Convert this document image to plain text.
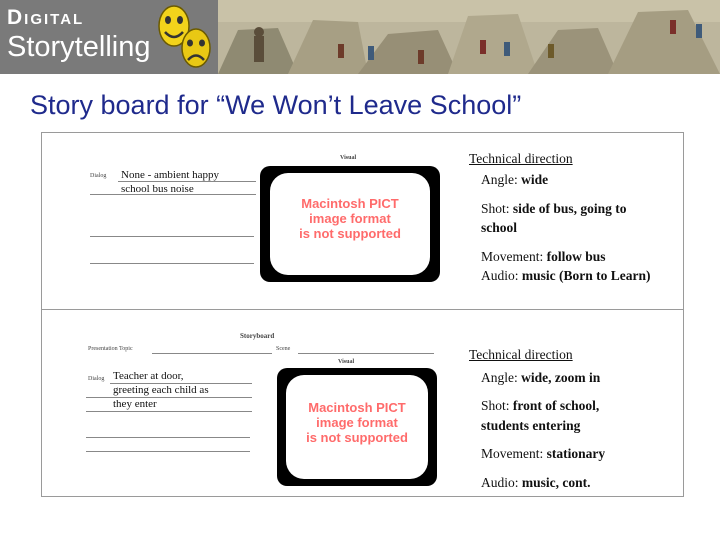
Digital
Storytelling
Story board for “We Won’t Leave School”
Visual
Dialog None - ambient happy
school bus noise
Macintosh PICT
image format
is not supported
Technical direction
Angle: wide
Shot: side of bus, going to
school
Movement: follow bus
Audio: music (Born to Learn)
Storyboard
Presentation Topic	Scene
Visual
Dialog Teacher at door,
greeting each child as
they enter	Macintosh PICT
image format
is not supported
Technical direction
Angle: wide, zoom in
Shot: front of school,
students entering
Movement: stationary
Audio: music, cont.
